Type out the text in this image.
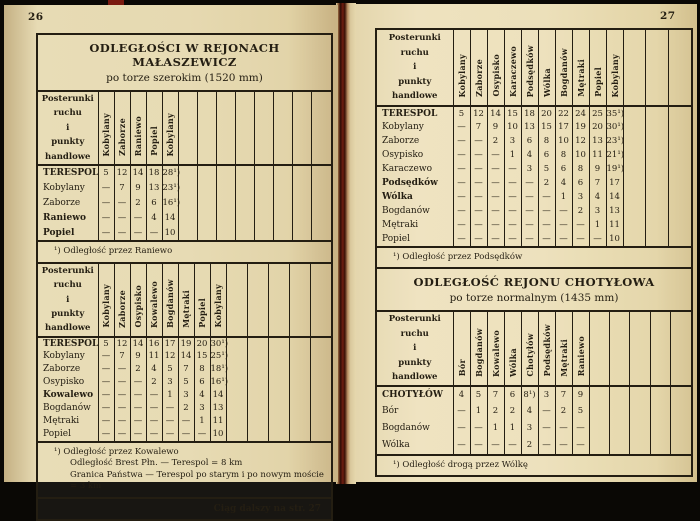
26	27
ODLEGŁOŚCI W REJONACH MAŁASZEWICZ
po torze szerokim (1520 mm)
Posterunki ruchu
i
punkty handlowe	Kobylany	Zaborze	Raniewo	Popiel	Kobylany								
TERESPOL	5	12	14	18	28¹)								
Kobylany	—	7	9	13	23¹)								
Zaborze	—	—	2	6	16¹)								
Raniewo	—	—	—	4	14								
Popiel	—	—	—	—	10								
¹) Odległość przez Raniewo
Posterunki ruchu
i
punkty handlowe	Kobylany	Zaborze	Osypisko	Kowalewo	Bogdanów	Mętraki	Popiel	Kobylany					
TERESPOL	5	12	14	16	17	19	20	30¹)					
Kobylany	—	7	9	11	12	14	15	25¹)					
Zaborze	—	—	2	4	5	7	8	18¹)					
Osypisko	—	—	—	2	3	5	6	16¹)					
Kowalewo	—	—	—	—	1	3	4	14					
Bogdanów	—	—	—	—	—	2	3	13					
Mętraki	—	—	—	—	—	—	1	11					
Popiel	—	—	—	—	—	—	—	10					
¹) Odległość przez Kowalewo
Odległość Brest Płn. — Terespol = 8 km
Granica Państwa — Terespol po starym i po nowym moście = 3 km
Ciąg dalszy na str. 27
Posterunki ruchu
i
punkty handlowe	Kobylany	Zaborze	Osypisko	Karaczewo	Podsędków	Wólka	Bogdanów	Mętraki	Popiel	Kobylany			
TERESPOL	5	12	14	15	18	20	22	24	25	35¹)			
Kobylany	—	7	9	10	13	15	17	19	20	30¹)			
Zaborze	—	—	2	3	6	8	10	12	13	23¹)			
Osypisko	—	—	—	1	4	6	8	10	11	21¹)			
Karaczewo	—	—	—	—	3	5	6	8	9	19¹)			
Podsędków	—	—	—	—	—	2	4	6	7	17			
Wólka	—	—	—	—	—	—	1	3	4	14			
Bogdanów	—	—	—	—	—	—	—	2	3	13			
Mętraki	—	—	—	—	—	—	—	—	1	11			
Popiel	—	—	—	—	—	—	—	—	—	10			
¹) Odległość przez Podsędków
ODLEGŁOŚĆ REJONU CHOTYŁOWA
po torze normalnym (1435 mm)
Posterunki ruchu
i
punkty handlowe	Bór	Bogdanów	Kowalewo	Wólka	Chotyłów	Podsędków	Mętraki	Raniewo					
CHOTYŁÓW	4	5	7	6	8¹)	3	7	9					
Bór	—	1	2	2	4	—	2	5					
Bogdanów	—	—	1	1	3	—	—	—					
Wólka	—	—	—	—	2	—	—	—					
¹) Odległość drogą przez Wólkę
